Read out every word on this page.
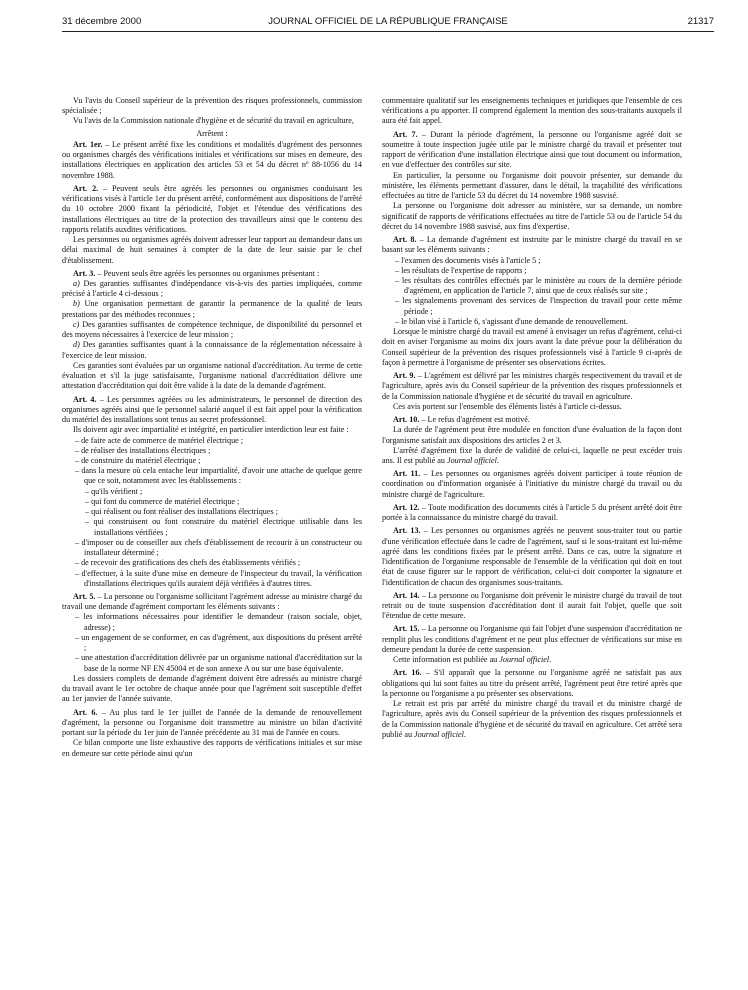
31 décembre 2000	JOURNAL OFFICIEL DE LA RÉPUBLIQUE FRANÇAISE	21317

Vu l'avis du Conseil supérieur de la prévention des risques professionnels, commission spécialisée ;

Vu l'avis de la Commission nationale d'hygiène et de sécurité du travail en agriculture,

Arrêtent :

Art. 1er. – Le présent arrêté fixe les conditions et modalités d'agrément des personnes ou organismes chargés des vérifications initiales et vérifications sur mises en demeure, des installations électriques en application des articles 53 et 54 du décret nº 88-1056 du 14 novembre 1988.

Art. 2. – Peuvent seuls être agréés les personnes ou organismes conduisant les vérifications visés à l'article 1er du présent arrêté, conformément aux dispositions de l'arrêté du 10 octobre 2000 fixant la périodicité, l'objet et l'étendue des vérifications des installations électriques au titre de la protection des travailleurs ainsi que le contenu des rapports relatifs auxdites vérifications.

Les personnes ou organismes agréés doivent adresser leur rapport au demandeur dans un délai maximal de huit semaines à compter de la date de leur saisie par le chef d'établissement.

Art. 3. – Peuvent seuls être agréés les personnes ou organismes présentant :

a) Des garanties suffisantes d'indépendance vis-à-vis des parties impliquées, comme précisé à l'article 4 ci-dessous ;

b) Une organisation permettant de garantir la permanence de la qualité de leurs prestations par des méthodes reconnues ;

c) Des garanties suffisantes de compétence technique, de disponibilité du personnel et des moyens nécessaires à l'exercice de leur mission ;

d) Des garanties suffisantes quant à la connaissance de la réglementation nécessaire à l'exercice de leur mission.

Ces garanties sont évaluées par un organisme national d'accréditation. Au terme de cette évaluation et s'il la juge satisfaisante, l'organisme national d'accréditation délivre une attestation d'accréditation qui doit être valide à la date de la demande d'agrément.

Art. 4. – Les personnes agréées ou les administrateurs, le personnel de direction des organismes agréés ainsi que le personnel salarié auquel il est fait appel pour la vérification du matériel des installations sont tenus au secret professionnel.

Ils doivent agir avec impartialité et intégrité, en particulier interdiction leur est faite :

– de faire acte de commerce de matériel électrique ;
– de réaliser des installations électriques ;
– de construire du matériel électrique ;
– dans la mesure où cela entache leur impartialité, d'avoir une attache de quelque genre que ce soit, notamment avec les établissements :
– qu'ils vérifient ;
– qui font du commerce de matériel électrique ;
– qui réalisent ou font réaliser des installations électriques ;
– qui construisent ou font construire du matériel électrique utilisable dans les installations vérifiées ;
– d'imposer ou de conseiller aux chefs d'établissement de recourir à un constructeur ou installateur déterminé ;
– de recevoir des gratifications des chefs des établissements vérifiés ;
– d'effectuer, à la suite d'une mise en demeure de l'inspecteur du travail, la vérification d'installations électriques qu'ils auraient déjà vérifiées à d'autres titres.

Art. 5. – La personne ou l'organisme sollicitant l'agrément adresse au ministre chargé du travail une demande d'agrément comportant les éléments suivants :

– les informations nécessaires pour identifier le demandeur (raison sociale, objet, adresse) ;
– un engagement de se conformer, en cas d'agrément, aux dispositions du présent arrêté ;
– une attestation d'accréditation délivrée par un organisme national d'accréditation sur la base de la norme NF EN 45004 et de son annexe A ou sur une base équivalente.

Les dossiers complets de demande d'agrément doivent être adressés au ministre chargé du travail avant le 1er octobre de chaque année pour que l'agrément soit susceptible d'effet au 1er janvier de l'année suivante.

Art. 6. – Au plus tard le 1er juillet de l'année de la demande de renouvellement d'agrément, la personne ou l'organisme doit transmettre au ministre un bilan d'activité portant sur la période du 1er juin de l'année précédente au 31 mai de l'année en cours.

Ce bilan comporte une liste exhaustive des rapports de vérifications initiales et sur mise en demeure sur cette période ainsi qu'un

commentaire qualitatif sur les enseignements techniques et juridiques que l'ensemble de ces vérifications a pu apporter. Il comprend également la mention des sous-traitants auxquels il aura été fait appel.

Art. 7. – Durant la période d'agrément, la personne ou l'organisme agréé doit se soumettre à toute inspection jugée utile par le ministre chargé du travail et présenter tout rapport de vérification d'une installation électrique ainsi que tout document ou information, en vue d'effectuer des contrôles sur site.

En particulier, la personne ou l'organisme doit pouvoir présenter, sur demande du ministère, les éléments permettant d'assurer, dans le détail, la traçabilité des vérifications effectuées au titre de l'article 53 du décret du 14 novembre 1988 susvisé.

La personne ou l'organisme doit adresser au ministère, sur sa demande, un nombre significatif de rapports de vérifications effectuées au titre de l'article 53 ou de l'article 54 du décret du 14 novembre 1988 susvisé, aux fins d'expertise.

Art. 8. – La demande d'agrément est instruite par le ministre chargé du travail en se basant sur les éléments suivants :

– l'examen des documents visés à l'article 5 ;
– les résultats de l'expertise de rapports ;
– les résultats des contrôles effectués par le ministère au cours de la dernière période d'agrément, en application de l'article 7, ainsi que de ceux réalisés sur site ;
– les signalements provenant des services de l'inspection du travail pour cette même période ;
– le bilan visé à l'article 6, s'agissant d'une demande de renouvellement.

Lorsque le ministre chargé du travail est amené à envisager un refus d'agrément, celui-ci doit en aviser l'organisme au moins dix jours avant la date prévue pour la délibération du Conseil supérieur de la prévention des risques professionnels visé à l'article 9 ci-après de façon à permettre à l'organisme de présenter ses observations écrites.

Art. 9. – L'agrément est délivré par les ministres chargés respectivement du travail et de l'agriculture, après avis du Conseil supérieur de la prévention des risques professionnels et de la Commission nationale d'hygiène et de sécurité du travail en agriculture.

Ces avis portent sur l'ensemble des éléments listés à l'article ci-dessus.

Art. 10. – Le refus d'agrément est motivé.

La durée de l'agrément peut être modulée en fonction d'une évaluation de la façon dont l'organisme satisfait aux dispositions des articles 2 et 3.

L'arrêté d'agrément fixe la durée de validité de celui-ci, laquelle ne peut excéder trois ans. Il est publié au Journal officiel.

Art. 11. – Les personnes ou organismes agréés doivent participer à toute réunion de coordination ou d'information organisée à l'initiative du ministre chargé du travail ou du ministre chargé de l'agriculture.

Art. 12. – Toute modification des documents cités à l'article 5 du présent arrêté doit être portée à la connaissance du ministre chargé du travail.

Art. 13. – Les personnes ou organismes agréés ne peuvent sous-traiter tout ou partie d'une vérification effectuée dans le cadre de l'agrément, sauf si le sous-traitant est lui-même agréé dans les conditions fixées par le présent arrêté. Dans ce cas, outre la signature et l'identification de l'organisme responsable de l'ensemble de la vérification qui doit en tout état de cause figurer sur le rapport de vérification, celui-ci doit comporter la signature et l'identification de chacun des organismes sous-traitants.

Art. 14. – La personne ou l'organisme doit prévenir le ministre chargé du travail de tout retrait ou de toute suspension d'accréditation dont il aurait fait l'objet, quelle que soit l'étendue de cette mesure.

Art. 15. – La personne ou l'organisme qui fait l'objet d'une suspension d'accréditation ne remplit plus les conditions d'agrément et ne peut plus effectuer de vérifications sur mise en demeure pendant la durée de cette suspension.

Cette information est publiée au Journal officiel.

Art. 16. – S'il apparaît que la personne ou l'organisme agréé ne satisfait pas aux obligations qui lui sont faites au titre du présent arrêté, l'agrément peut être retiré après que la personne ou l'organisme a pu présenter ses observations.

Le retrait est pris par arrêté du ministre chargé du travail et du ministre chargé de l'agriculture, après avis du Conseil supérieur de la prévention des risques professionnels et de la Commission nationale d'hygiène et de sécurité du travail en agriculture. Cet arrêté sera publié au Journal officiel.
